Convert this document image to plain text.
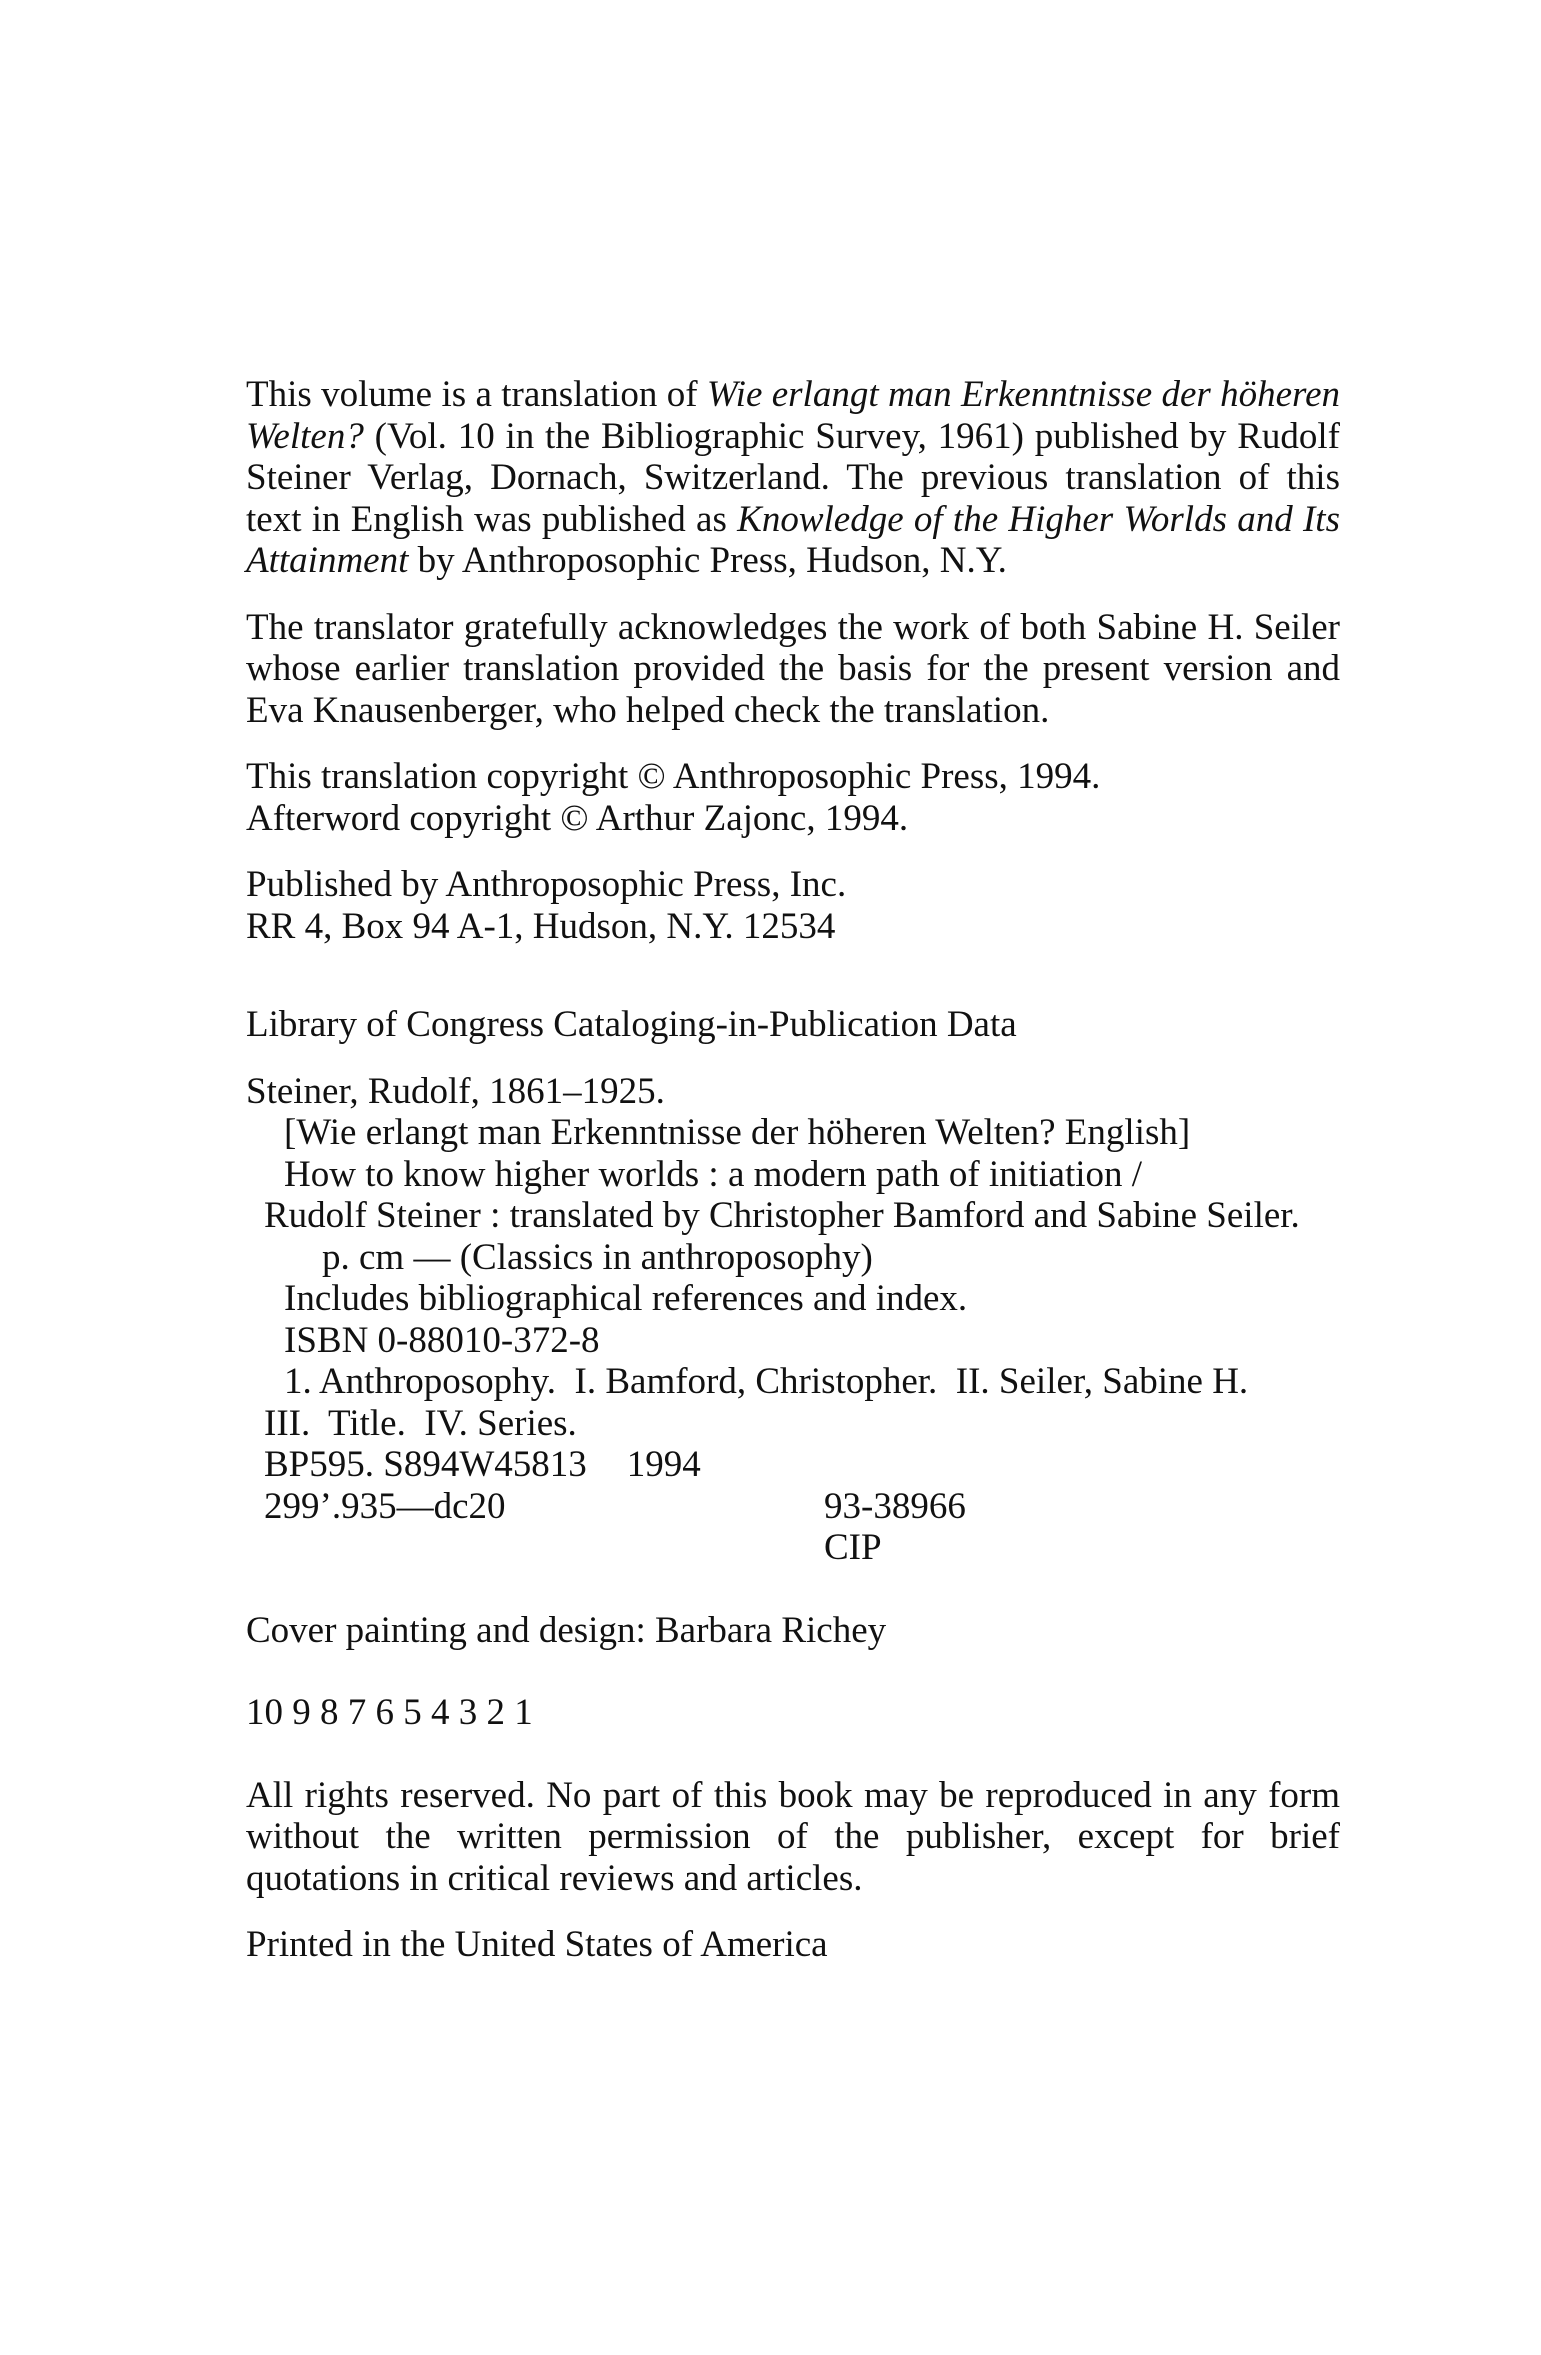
This volume is a translation of Wie erlangt man Erkenntnisse der höheren Welten? (Vol. 10 in the Bibliographic Survey, 1961) published by Rudolf Steiner Verlag, Dornach, Switzerland. The previous translation of this text in English was published as Knowledge of the Higher Worlds and Its Attainment by Anthroposophic Press, Hudson, N.Y.

The translator gratefully acknowledges the work of both Sabine H. Seiler whose earlier translation provided the basis for the present version and Eva Knausenberger, who helped check the translation.

This translation copyright © Anthroposophic Press, 1994.

Afterword copyright © Arthur Zajonc, 1994.

Published by Anthroposophic Press, Inc.

RR 4, Box 94 A-1, Hudson, N.Y. 12534

Library of Congress Cataloging-in-Publication Data

Steiner, Rudolf, 1861–1925.

[Wie erlangt man Erkenntnisse der höheren Welten? English]

How to know higher worlds : a modern path of initiation /

Rudolf Steiner : translated by Christopher Bamford and Sabine Seiler.

p. cm — (Classics in anthroposophy)

Includes bibliographical references and index.

ISBN 0-88010-372-8

1. Anthroposophy.  I. Bamford, Christopher.  II. Seiler, Sabine H.

III.  Title.  IV. Series.

BP595. S894W45813 1994

299’.935—dc20	93-38966

CIP

Cover painting and design: Barbara Richey

10 9 8 7 6 5 4 3 2 1

All rights reserved. No part of this book may be reproduced in any form without the written permission of the publisher, except for brief quotations in critical reviews and articles.

Printed in the United States of America
